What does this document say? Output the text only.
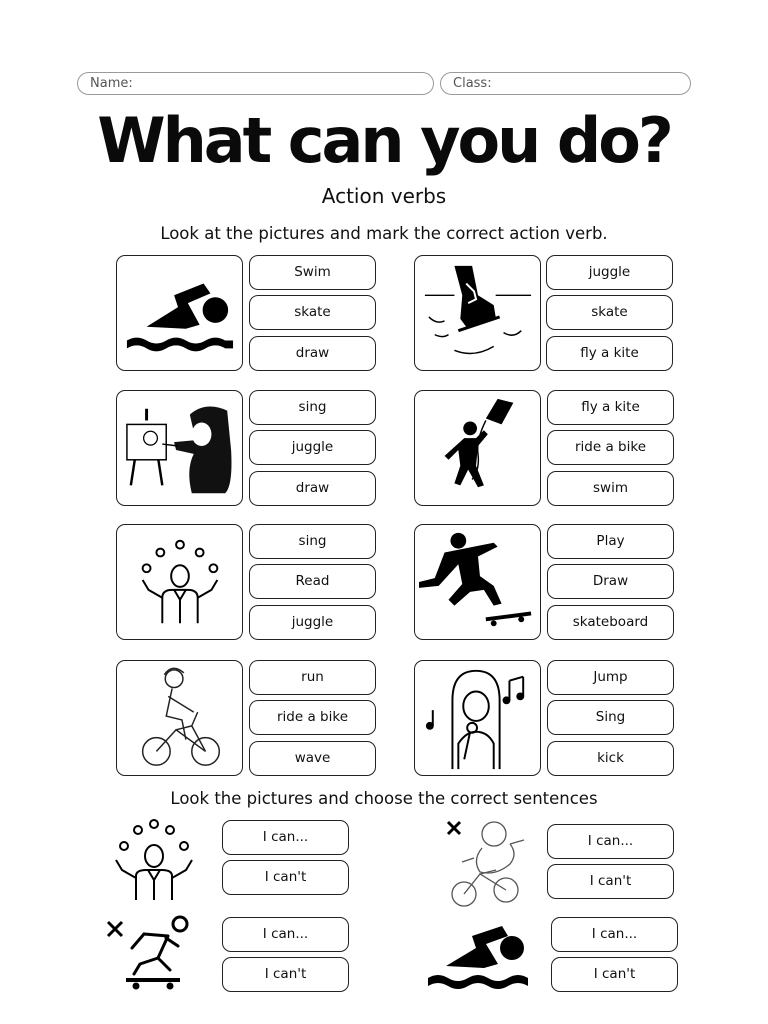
Name:	Class:
What can you do?
Action verbs
Look at the pictures and mark the correct action verb.
Swim
skate
draw
juggle
skate
fly a kite
sing
juggle
draw
fly a kite
ride a bike
swim
sing
Read
juggle
Play
Draw
skateboard
run
ride a bike
wave
Jump
Sing
kick
Look the pictures and choose the correct sentences
I can...
I can't
I can...
I can't
I can...
I can't
I can...
I can't
